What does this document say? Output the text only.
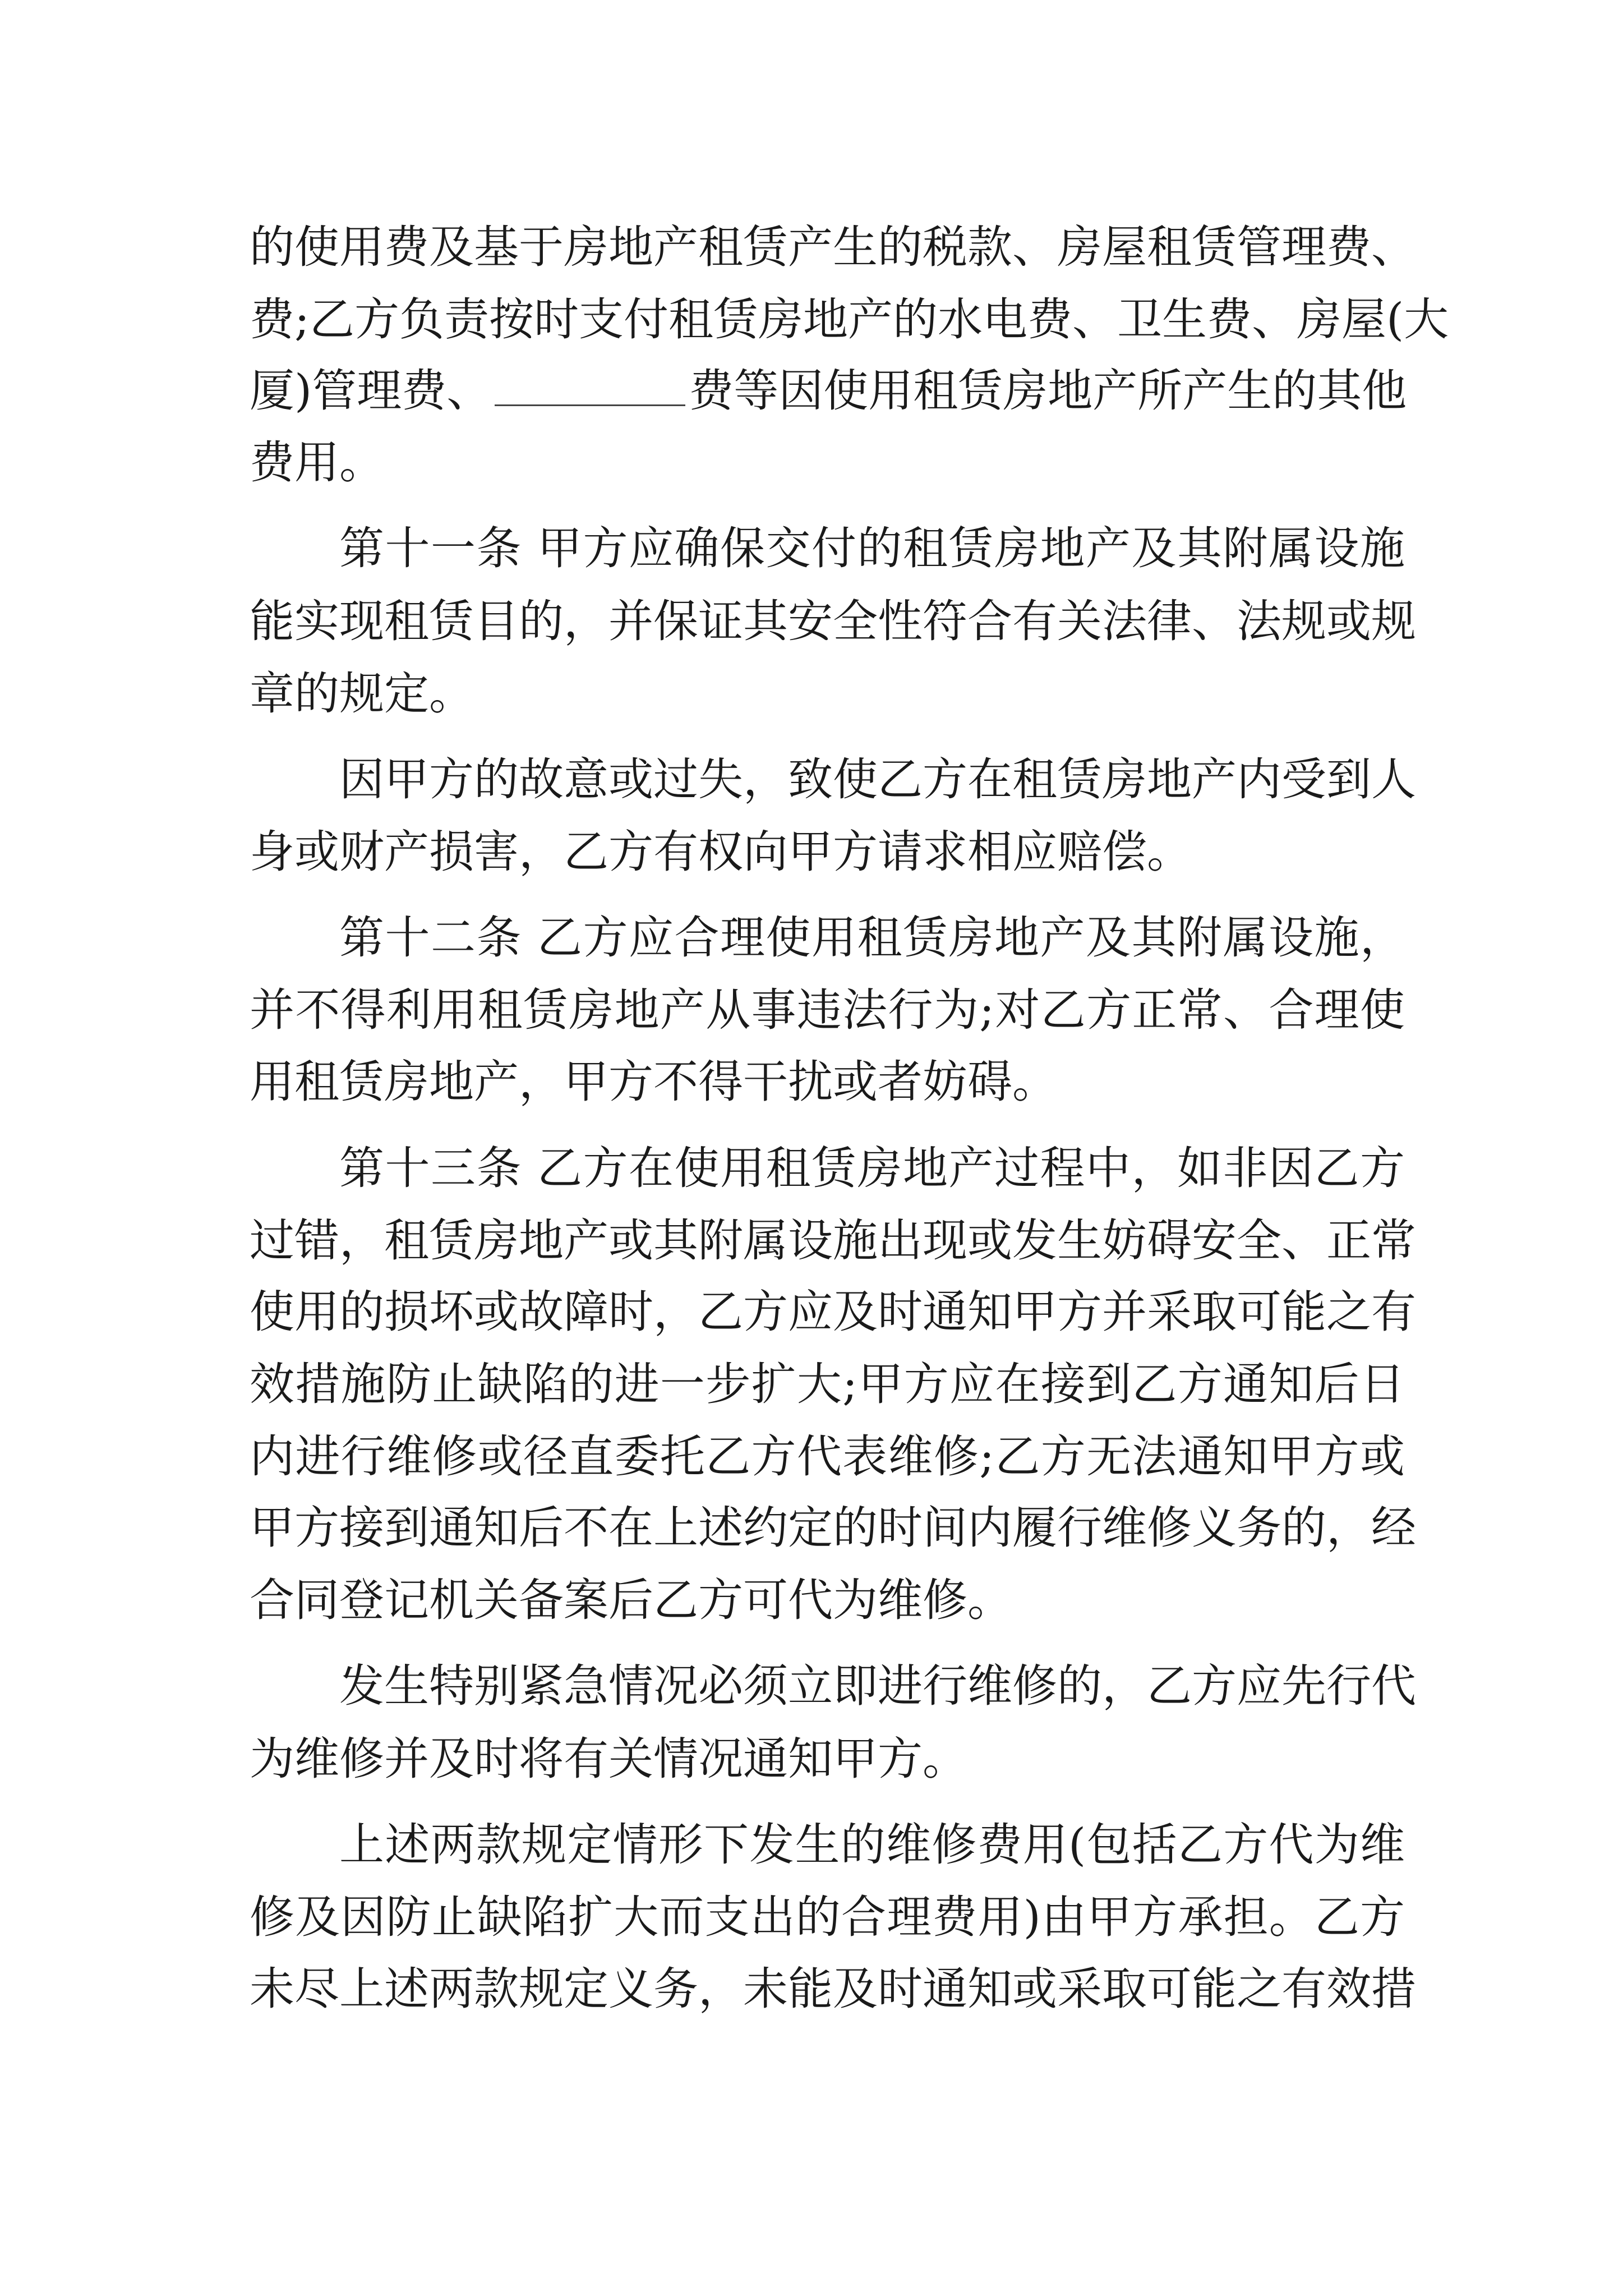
的使用费及基于房地产租赁产生的税款、房屋租赁管理费、
费;乙方负责按时支付租赁房地产的水电费、卫生费、房屋(大
厦)管理费、	费等因使用租赁房地产所产生的其他
费用。
第十一条 甲方应确保交付的租赁房地产及其附属设施
能实现租赁目的，并保证其安全性符合有关法律、法规或规
章的规定。
因甲方的故意或过失，致使乙方在租赁房地产内受到人
身或财产损害，乙方有权向甲方请求相应赔偿。
第十二条 乙方应合理使用租赁房地产及其附属设施，
并不得利用租赁房地产从事违法行为;对乙方正常、合理使
用租赁房地产，甲方不得干扰或者妨碍。
第十三条 乙方在使用租赁房地产过程中，如非因乙方
过错，租赁房地产或其附属设施出现或发生妨碍安全、正常
使用的损坏或故障时，乙方应及时通知甲方并采取可能之有
效措施防止缺陷的进一步扩大;甲方应在接到乙方通知后日
内进行维修或径直委托乙方代表维修;乙方无法通知甲方或
甲方接到通知后不在上述约定的时间内履行维修义务的，经
合同登记机关备案后乙方可代为维修。
发生特别紧急情况必须立即进行维修的，乙方应先行代
为维修并及时将有关情况通知甲方。
上述两款规定情形下发生的维修费用(包括乙方代为维
修及因防止缺陷扩大而支出的合理费用)由甲方承担。乙方
未尽上述两款规定义务，未能及时通知或采取可能之有效措
